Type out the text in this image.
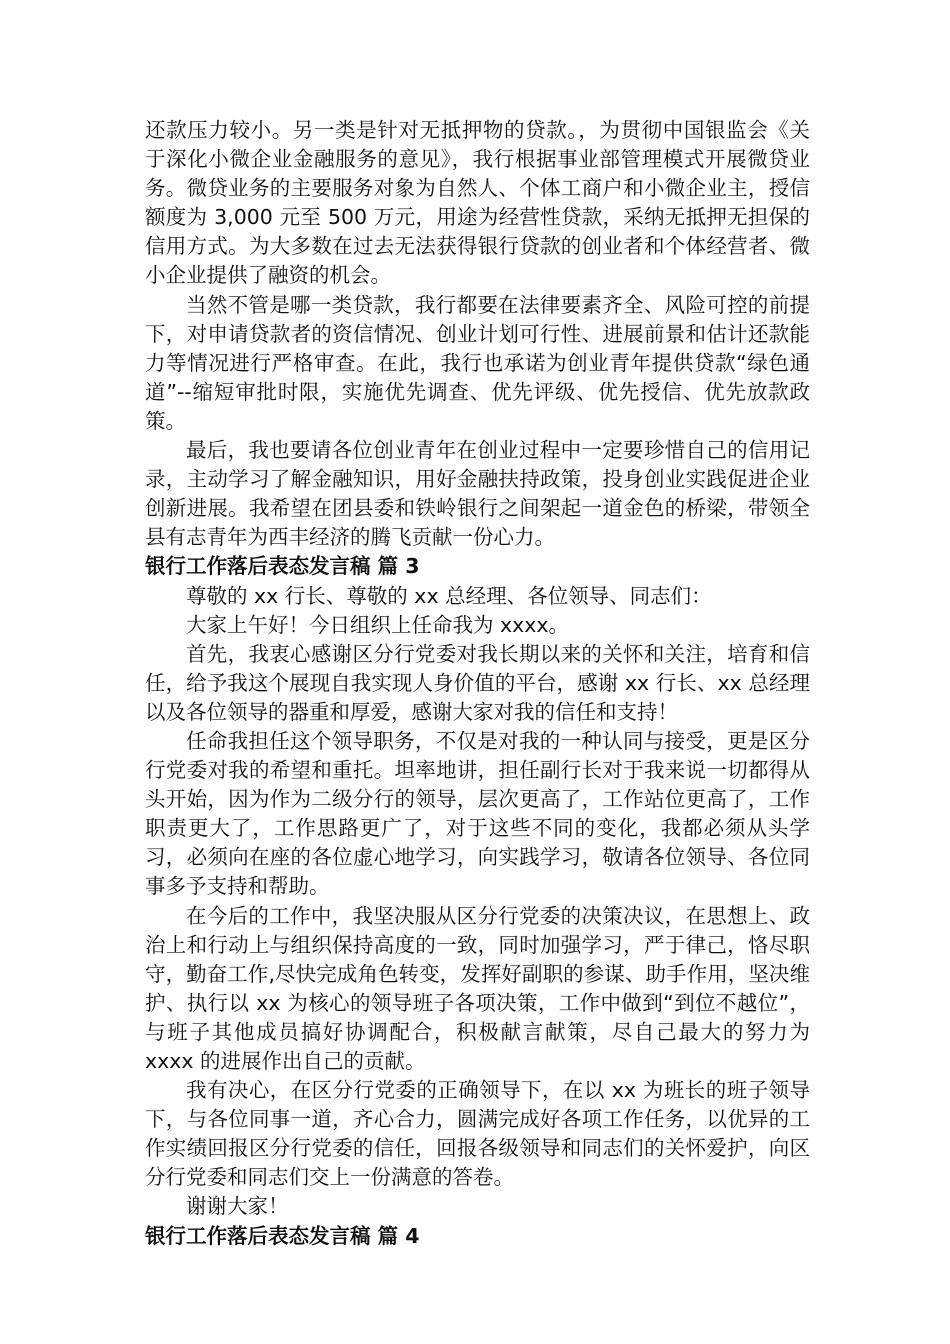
还款压力较小。另一类是针对无抵押物的贷款。，为贯彻中国银监会《关于深化小微企业金融服务的意见》，我行根据事业部管理模式开展微贷业务。微贷业务的主要服务对象为自然人、个体工商户和小微企业主，授信额度为 3,000 元至 500 万元，用途为经营性贷款，采纳无抵押无担保的信用方式。为大多数在过去无法获得银行贷款的创业者和个体经营者、微小企业提供了融资的机会。

当然不管是哪一类贷款，我行都要在法律要素齐全、风险可控的前提下，对申请贷款者的资信情况、创业计划可行性、进展前景和估计还款能力等情况进行严格审查。在此，我行也承诺为创业青年提供贷款“绿色通道”--缩短审批时限，实施优先调查、优先评级、优先授信、优先放款政策。

最后，我也要请各位创业青年在创业过程中一定要珍惜自己的信用记录，主动学习了解金融知识，用好金融扶持政策，投身创业实践促进企业创新进展。我希望在团县委和铁岭银行之间架起一道金色的桥梁，带领全县有志青年为西丰经济的腾飞贡献一份心力。

银行工作落后表态发言稿 篇 3

尊敬的 xx 行长、尊敬的 xx 总经理、各位领导、同志们：

大家上午好！今日组织上任命我为 xxxx。

首先，我衷心感谢区分行党委对我长期以来的关怀和关注，培育和信任，给予我这个展现自我实现人身价值的平台，感谢 xx 行长、xx 总经理以及各位领导的器重和厚爱，感谢大家对我的信任和支持！

任命我担任这个领导职务，不仅是对我的一种认同与接受，更是区分行党委对我的希望和重托。坦率地讲，担任副行长对于我来说一切都得从头开始，因为作为二级分行的领导，层次更高了，工作站位更高了，工作职责更大了，工作思路更广了，对于这些不同的变化，我都必须从头学习，必须向在座的各位虚心地学习，向实践学习，敬请各位领导、各位同事多予支持和帮助。

在今后的工作中，我坚决服从区分行党委的决策决议，在思想上、政治上和行动上与组织保持高度的一致，同时加强学习，严于律己，恪尽职守，勤奋工作,尽快完成角色转变，发挥好副职的参谋、助手作用，坚决维护、执行以 xx 为核心的领导班子各项决策，工作中做到“到位不越位”，与班子其他成员搞好协调配合，积极献言献策，尽自己最大的努力为 xxxx 的进展作出自己的贡献。

我有决心，在区分行党委的正确领导下，在以 xx 为班长的班子领导下，与各位同事一道，齐心合力，圆满完成好各项工作任务，以优异的工作实绩回报区分行党委的信任，回报各级领导和同志们的关怀爱护，向区分行党委和同志们交上一份满意的答卷。

谢谢大家！

银行工作落后表态发言稿 篇 4
